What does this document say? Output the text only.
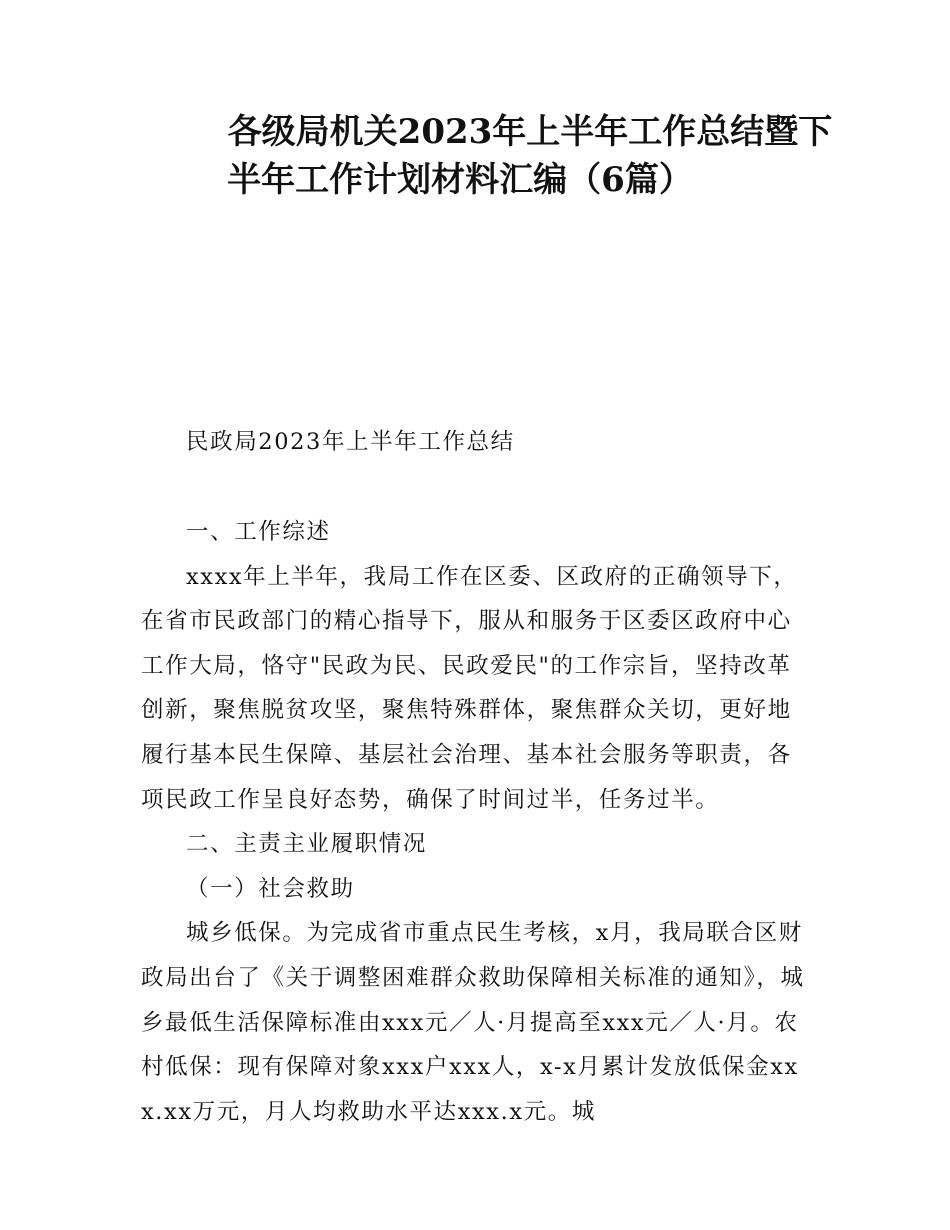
各级局机关2023年上半年工作总结暨下
半年工作计划材料汇编（6篇）

民政局2023年上半年工作总结

一、工作综述

xxxx年上半年，我局工作在区委、区政府的正确领导下，在省市民政部门的精心指导下，服从和服务于区委区政府中心工作大局，恪守"民政为民、民政爱民"的工作宗旨，坚持改革创新，聚焦脱贫攻坚，聚焦特殊群体，聚焦群众关切，更好地履行基本民生保障、基层社会治理、基本社会服务等职责，各项民政工作呈良好态势，确保了时间过半，任务过半。

二、主责主业履职情况

（一）社会救助

城乡低保。为完成省市重点民生考核，x月，我局联合区财政局出台了《关于调整困难群众救助保障相关标准的通知》，城乡最低生活保障标准由xxx元／人·月提高至xxx元／人·月。农村低保：现有保障对象xxx户xxx人，x-x月累计发放低保金xxx.xx万元，月人均救助水平达xxx.x元。城
